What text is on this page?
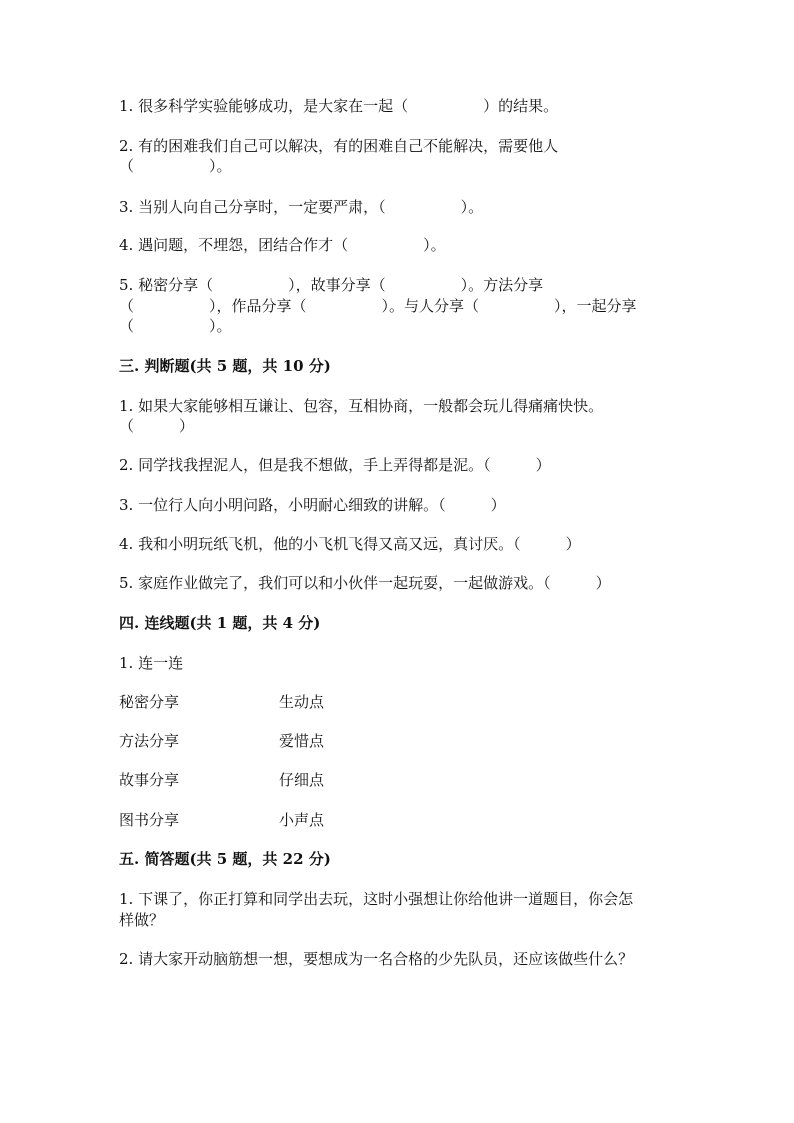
1. 很多科学实验能够成功，是大家在一起（　　　　　）的结果。

2. 有的困难我们自己可以解决，有的困难自己不能解决，需要他人

（　　　　　）。

3. 当别人向自己分享时，一定要严肃，（　　　　　）。

4. 遇问题，不埋怨，团结合作才（　　　　　）。

5. 秘密分享（　　　　　），故事分享（　　　　　）。方法分享

（　　　　　），作品分享（　　　　　）。与人分享（　　　　　），一起分享

（　　　　　）。

三. 判断题(共 5 题，共 10 分)

1. 如果大家能够相互谦让、包容，互相协商，一般都会玩儿得痛痛快快。

（　　　）

2. 同学找我捏泥人，但是我不想做，手上弄得都是泥。（　　　）

3. 一位行人向小明问路，小明耐心细致的讲解。（　　　）

4. 我和小明玩纸飞机，他的小飞机飞得又高又远，真讨厌。（　　　）

5. 家庭作业做完了，我们可以和小伙伴一起玩耍，一起做游戏。（　　　）

四. 连线题(共 1 题，共 4 分)

1. 连一连

秘密分享	生动点

方法分享	爱惜点

故事分享	仔细点

图书分享	小声点

五. 简答题(共 5 题，共 22 分)

1. 下课了，你正打算和同学出去玩，这时小强想让你给他讲一道题目，你会怎

样做？

2. 请大家开动脑筋想一想，要想成为一名合格的少先队员，还应该做些什么？
